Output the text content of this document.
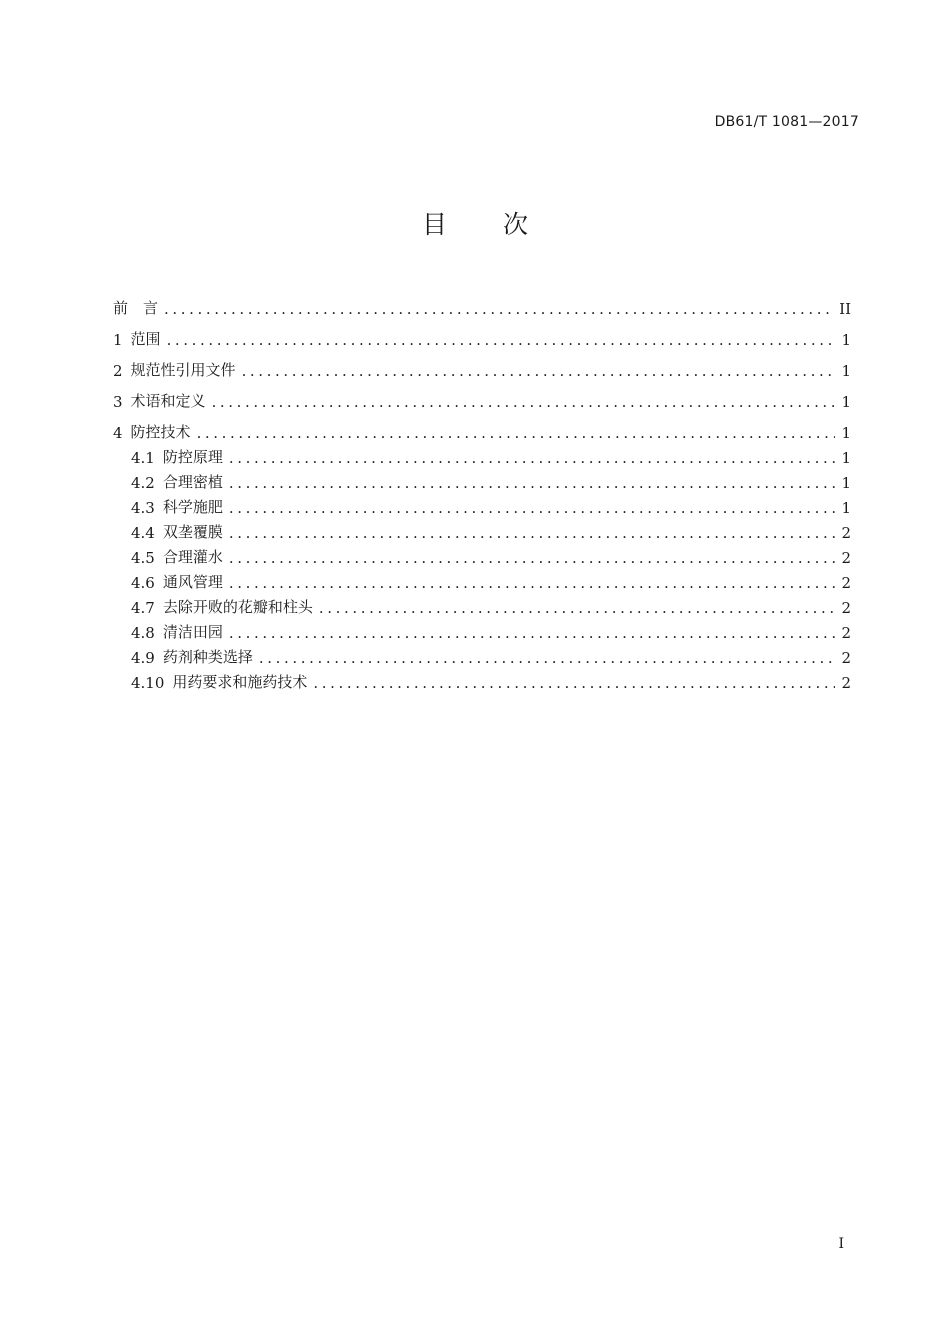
DB61/T 1081—2017
目 次
前　言 .....	II
1 范围 .....	1
2 规范性引用文件 .....	1
3 术语和定义 .....	1
4 防控技术 .....	1
4.1 防控原理 .....	1
4.2 合理密植 .....	1
4.3 科学施肥 .....	1
4.4 双垄覆膜 .....	2
4.5 合理灌水 .....	2
4.6 通风管理 .....	2
4.7 去除开败的花瓣和柱头 .....	2
4.8 清洁田园 .....	2
4.9 药剂种类选择 .....	2
4.10 用药要求和施药技术 .....	2
I
